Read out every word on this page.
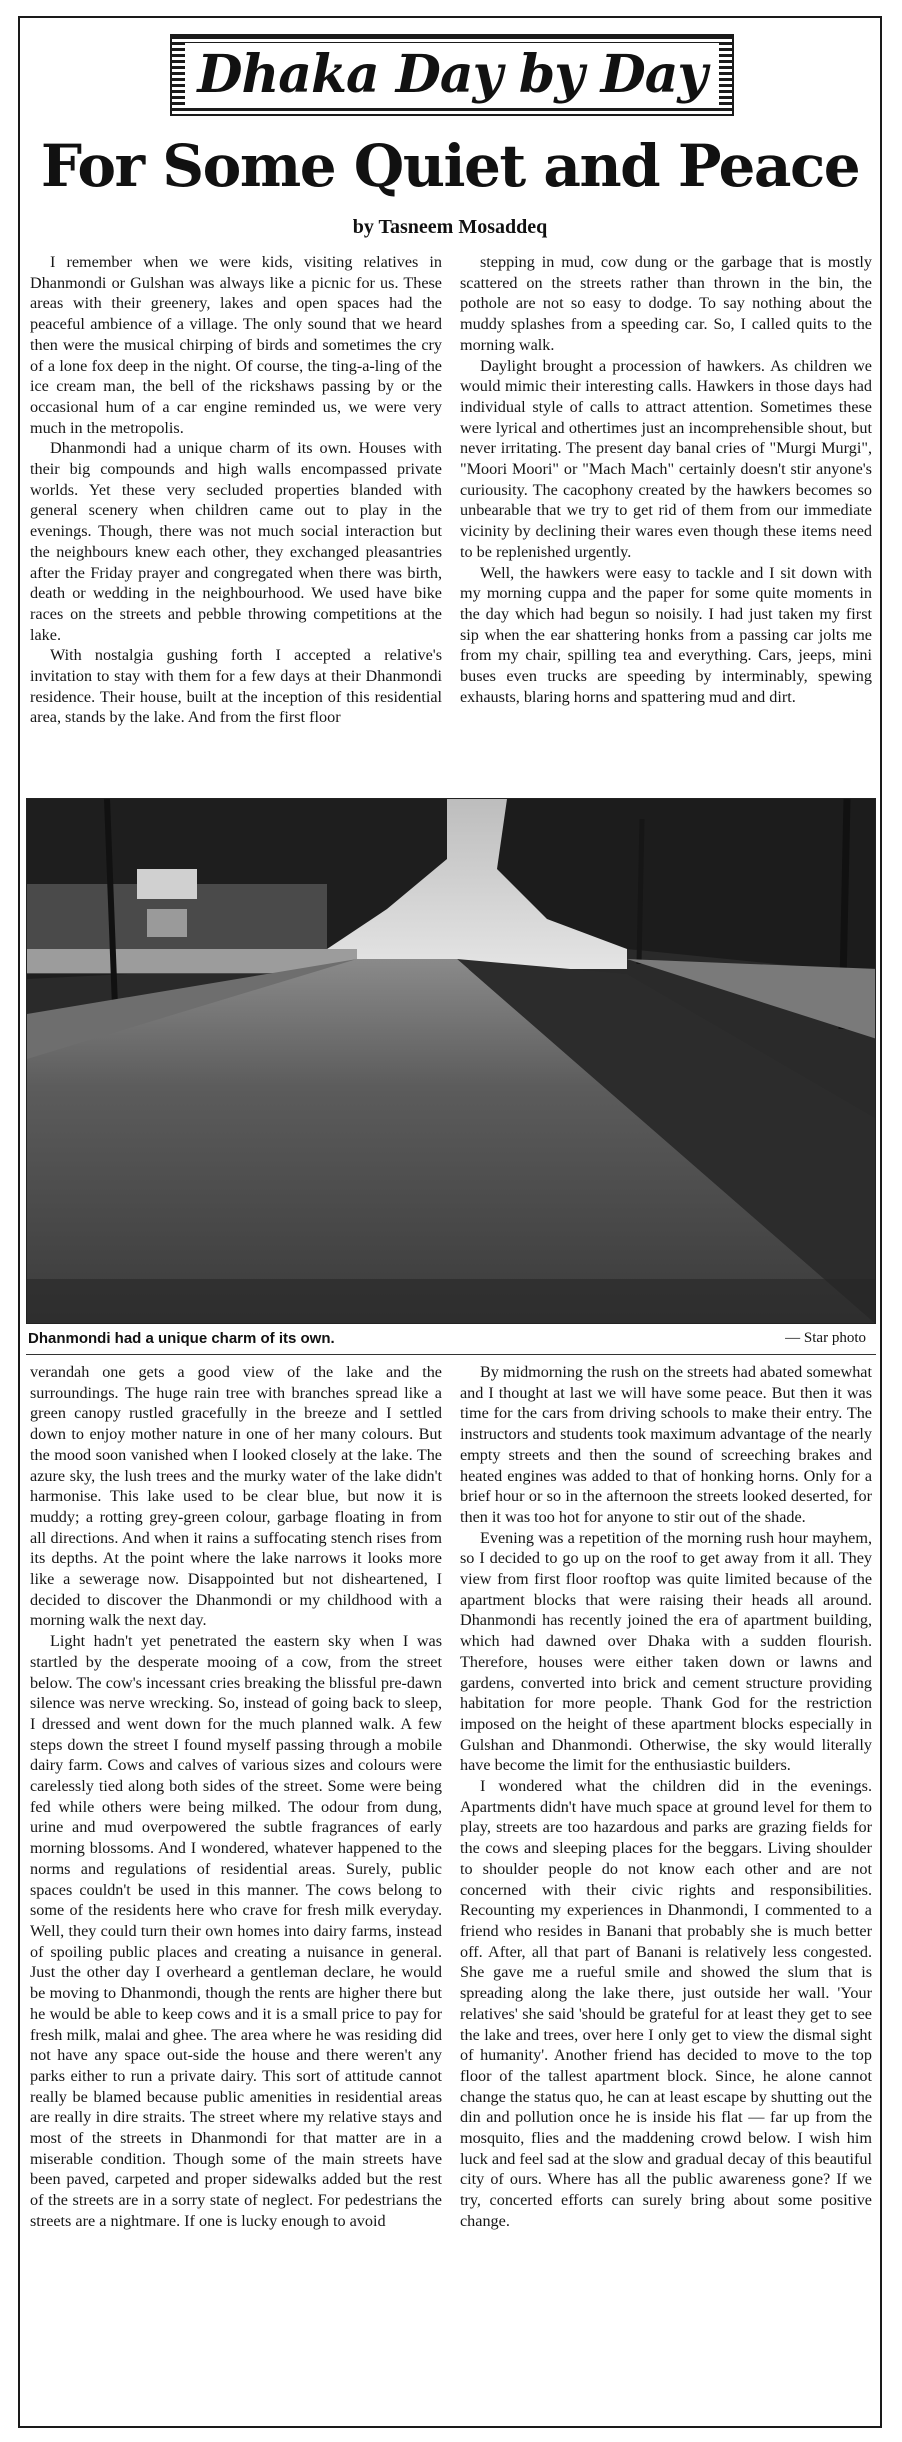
Dhaka Day by Day
For Some Quiet and Peace
by Tasneem Mosaddeq

I remember when we were kids, visiting relatives in Dhanmondi or Gulshan was always like a picnic for us. These areas with their greenery, lakes and open spaces had the peaceful ambience of a village. The only sound that we heard then were the musical chirping of birds and sometimes the cry of a lone fox deep in the night. Of course, the ting-a-ling of the ice cream man, the bell of the rickshaws passing by or the occasional hum of a car engine reminded us, we were very much in the metropolis.

Dhanmondi had a unique charm of its own. Houses with their big compounds and high walls encompassed private worlds. Yet these very secluded properties blanded with general scenery when children came out to play in the evenings. Though, there was not much social interaction but the neighbours knew each other, they exchanged pleasantries after the Friday prayer and congregated when there was birth, death or wedding in the neighbourhood. We used have bike races on the streets and pebble throwing competitions at the lake.

With nostalgia gushing forth I accepted a relative's invitation to stay with them for a few days at their Dhanmondi residence. Their house, built at the inception of this residential area, stands by the lake. And from the first floor

stepping in mud, cow dung or the garbage that is mostly scattered on the streets rather than thrown in the bin, the pothole are not so easy to dodge. To say nothing about the muddy splashes from a speeding car. So, I called quits to the morning walk.

Daylight brought a procession of hawkers. As children we would mimic their interesting calls. Hawkers in those days had individual style of calls to attract attention. Sometimes these were lyrical and othertimes just an incomprehensible shout, but never irritating. The present day banal cries of "Murgi Murgi", "Moori Moori" or "Mach Mach" certainly doesn't stir anyone's curiousity. The cacophony created by the hawkers becomes so unbearable that we try to get rid of them from our immediate vicinity by declining their wares even though these items need to be replenished urgently.

Well, the hawkers were easy to tackle and I sit down with my morning cuppa and the paper for some quite moments in the day which had begun so noisily. I had just taken my first sip when the ear shattering honks from a passing car jolts me from my chair, spilling tea and everything. Cars, jeeps, mini buses even trucks are speeding by interminably, spewing exhausts, blaring horns and spattering mud and dirt.

Dhanmondi had a unique charm of its own.	— Star photo

verandah one gets a good view of the lake and the surroundings. The huge rain tree with branches spread like a green canopy rustled gracefully in the breeze and I settled down to enjoy mother nature in one of her many colours. But the mood soon vanished when I looked closely at the lake. The azure sky, the lush trees and the murky water of the lake didn't harmonise. This lake used to be clear blue, but now it is muddy; a rotting grey-green colour, garbage floating in from all directions. And when it rains a suffocating stench rises from its depths. At the point where the lake narrows it looks more like a sewerage now. Disappointed but not disheartened, I decided to discover the Dhanmondi or my childhood with a morning walk the next day.

Light hadn't yet penetrated the eastern sky when I was startled by the desperate mooing of a cow, from the street below. The cow's incessant cries breaking the blissful pre-dawn silence was nerve wrecking. So, instead of going back to sleep, I dressed and went down for the much planned walk. A few steps down the street I found myself passing through a mobile dairy farm. Cows and calves of various sizes and colours were carelessly tied along both sides of the street. Some were being fed while others were being milked. The odour from dung, urine and mud overpowered the subtle fragrances of early morning blossoms. And I wondered, whatever happened to the norms and regulations of residential areas. Surely, public spaces couldn't be used in this manner. The cows belong to some of the residents here who crave for fresh milk everyday. Well, they could turn their own homes into dairy farms, instead of spoiling public places and creating a nuisance in general. Just the other day I overheard a gentleman declare, he would be moving to Dhanmondi, though the rents are higher there but he would be able to keep cows and it is a small price to pay for fresh milk, malai and ghee. The area where he was residing did not have any space out-side the house and there weren't any parks either to run a private dairy. This sort of attitude cannot really be blamed because public amenities in residential areas are really in dire straits. The street where my relative stays and most of the streets in Dhanmondi for that matter are in a miserable condition. Though some of the main streets have been paved, carpeted and proper sidewalks added but the rest of the streets are in a sorry state of neglect. For pedestrians the streets are a nightmare. If one is lucky enough to avoid

By midmorning the rush on the streets had abated somewhat and I thought at last we will have some peace. But then it was time for the cars from driving schools to make their entry. The instructors and students took maximum advantage of the nearly empty streets and then the sound of screeching brakes and heated engines was added to that of honking horns. Only for a brief hour or so in the afternoon the streets looked deserted, for then it was too hot for anyone to stir out of the shade.

Evening was a repetition of the morning rush hour mayhem, so I decided to go up on the roof to get away from it all. They view from first floor rooftop was quite limited because of the apartment blocks that were raising their heads all around. Dhanmondi has recently joined the era of apartment building, which had dawned over Dhaka with a sudden flourish. Therefore, houses were either taken down or lawns and gardens, converted into brick and cement structure providing habitation for more people. Thank God for the restriction imposed on the height of these apartment blocks especially in Gulshan and Dhanmondi. Otherwise, the sky would literally have become the limit for the enthusiastic builders.

I wondered what the children did in the evenings. Apartments didn't have much space at ground level for them to play, streets are too hazardous and parks are grazing fields for the cows and sleeping places for the beggars. Living shoulder to shoulder people do not know each other and are not concerned with their civic rights and responsibilities. Recounting my experiences in Dhanmondi, I commented to a friend who resides in Banani that probably she is much better off. After, all that part of Banani is relatively less congested. She gave me a rueful smile and showed the slum that is spreading along the lake there, just outside her wall. 'Your relatives' she said 'should be grateful for at least they get to see the lake and trees, over here I only get to view the dismal sight of humanity'. Another friend has decided to move to the top floor of the tallest apartment block. Since, he alone cannot change the status quo, he can at least escape by shutting out the din and pollution once he is inside his flat — far up from the mosquito, flies and the maddening crowd below. I wish him luck and feel sad at the slow and gradual decay of this beautiful city of ours. Where has all the public awareness gone? If we try, concerted efforts can surely bring about some positive change.
